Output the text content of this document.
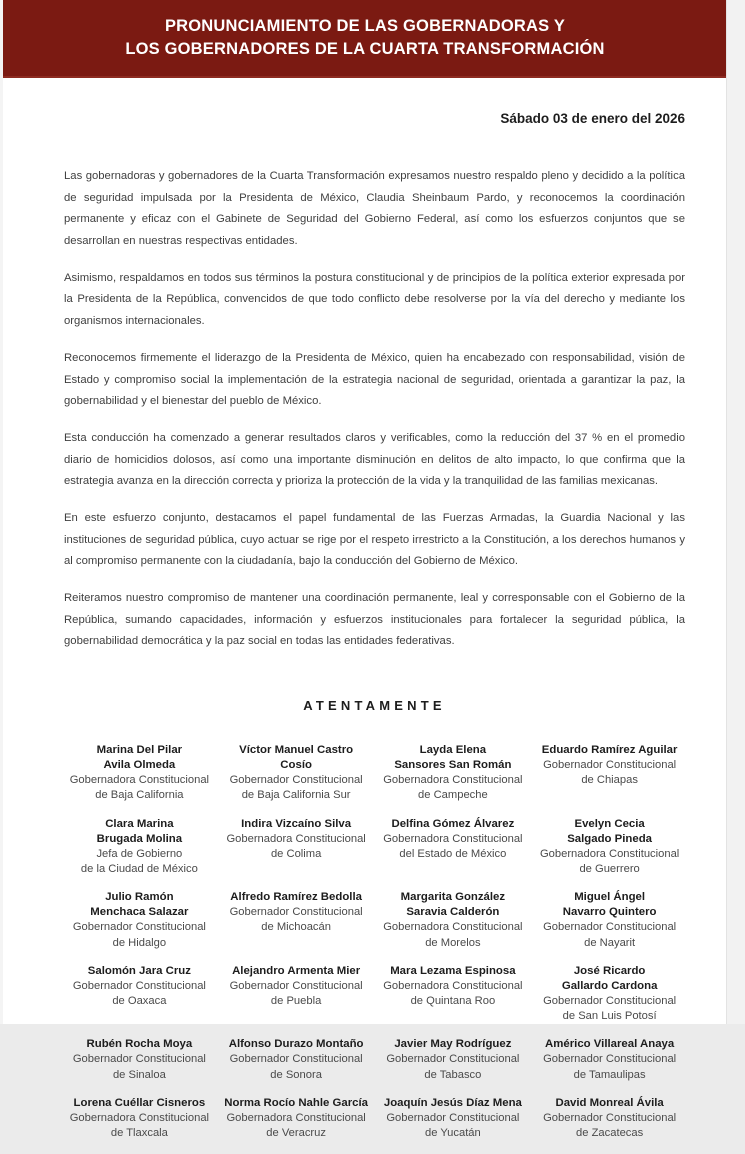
PRONUNCIAMIENTO DE LAS GOBERNADORAS Y
LOS GOBERNADORES DE LA CUARTA TRANSFORMACIÓN
Sábado 03 de enero del 2026

Las gobernadoras y gobernadores de la Cuarta Transformación expresamos nuestro respaldo pleno y decidido a la política de seguridad impulsada por la Presidenta de México, Claudia Sheinbaum Pardo, y reconocemos la coordinación permanente y eficaz con el Gabinete de Seguridad del Gobierno Federal, así como los esfuerzos conjuntos que se desarrollan en nuestras respectivas entidades.

Asimismo, respaldamos en todos sus términos la postura constitucional y de principios de la política exterior expresada por la Presidenta de la República, convencidos de que todo conflicto debe resolverse por la vía del derecho y mediante los organismos internacionales.

Reconocemos firmemente el liderazgo de la Presidenta de México, quien ha encabezado con responsabilidad, visión de Estado y compromiso social la implementación de la estrategia nacional de seguridad, orientada a garantizar la paz, la gobernabilidad y el bienestar del pueblo de México.

Esta conducción ha comenzado a generar resultados claros y verificables, como la reducción del 37 % en el promedio diario de homicidios dolosos, así como una importante disminución en delitos de alto impacto, lo que confirma que la estrategia avanza en la dirección correcta y prioriza la protección de la vida y la tranquilidad de las familias mexicanas.

En este esfuerzo conjunto, destacamos el papel fundamental de las Fuerzas Armadas, la Guardia Nacional y las instituciones de seguridad pública, cuyo actuar se rige por el respeto irrestricto a la Constitución, a los derechos humanos y al compromiso permanente con la ciudadanía, bajo la conducción del Gobierno de México.

Reiteramos nuestro compromiso de mantener una coordinación permanente, leal y corresponsable con el Gobierno de la República, sumando capacidades, información y esfuerzos institucionales para fortalecer la seguridad pública, la gobernabilidad democrática y la paz social en todas las entidades federativas.

ATENTAMENTE
Marina Del Pilar
Avila Olmeda
Gobernadora Constitucional
de Baja California
Víctor Manuel Castro Cosío
Gobernador Constitucional
de Baja California Sur
Layda Elena
Sansores San Román
Gobernadora Constitucional
de Campeche
Eduardo Ramírez Aguilar
Gobernador Constitucional
de Chiapas
Clara Marina
Brugada Molina
Jefa de Gobierno
de la Ciudad de México
Indira Vizcaíno Silva
Gobernadora Constitucional
de Colima
Delfina Gómez Álvarez
Gobernadora Constitucional
del Estado de México
Evelyn Cecia
Salgado Pineda
Gobernadora Constitucional
de Guerrero
Julio Ramón
Menchaca Salazar
Gobernador Constitucional
de Hidalgo
Alfredo Ramírez Bedolla
Gobernador Constitucional
de Michoacán
Margarita González
Saravia Calderón
Gobernadora Constitucional
de Morelos
Miguel Ángel
Navarro Quintero
Gobernador Constitucional
de Nayarit
Salomón Jara Cruz
Gobernador Constitucional
de Oaxaca
Alejandro Armenta Mier
Gobernador Constitucional
de Puebla
Mara Lezama Espinosa
Gobernadora Constitucional
de Quintana Roo
José Ricardo
Gallardo Cardona
Gobernador Constitucional
de San Luis Potosí
Rubén Rocha Moya
Gobernador Constitucional
de Sinaloa
Alfonso Durazo Montaño
Gobernador Constitucional
de Sonora
Javier May Rodríguez
Gobernador Constitucional
de Tabasco
Américo Villareal Anaya
Gobernador Constitucional
de Tamaulipas
Lorena Cuéllar Cisneros
Gobernadora Constitucional
de Tlaxcala
Norma Rocío Nahle García
Gobernadora Constitucional
de Veracruz
Joaquín Jesús Díaz Mena
Gobernador Constitucional
de Yucatán
David Monreal Ávila
Gobernador Constitucional
de Zacatecas
